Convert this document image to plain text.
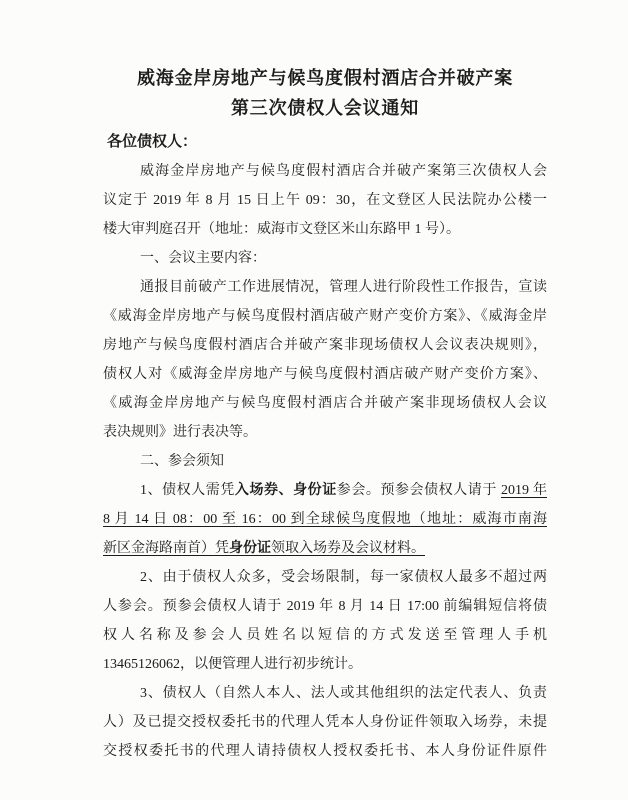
威海金岸房地产与候鸟度假村酒店合并破产案
第三次债权人会议通知
各位债权人：
威海金岸房地产与候鸟度假村酒店合并破产案第三次债权人会
议定于 2019 年 8 月 15 日上午 09：30，在文登区人民法院办公楼一
楼大审判庭召开（地址：威海市文登区米山东路甲 1 号）。
一、会议主要内容：
通报目前破产工作进展情况，管理人进行阶段性工作报告，宣读
《威海金岸房地产与候鸟度假村酒店破产财产变价方案》、《威海金岸
房地产与候鸟度假村酒店合并破产案非现场债权人会议表决规则》，
债权人对《威海金岸房地产与候鸟度假村酒店破产财产变价方案》、
《威海金岸房地产与候鸟度假村酒店合并破产案非现场债权人会议
表决规则》进行表决等。
二、参会须知
1、债权人需凭入场券、身份证参会。预参会债权人请于 2019 年
8 月 14 日 08：00 至 16：00 到全球候鸟度假地（地址：威海市南海
新区金海路南首）凭身份证领取入场券及会议材料。
2、由于债权人众多，受会场限制，每一家债权人最多不超过两
人参会。预参会债权人请于 2019 年 8 月 14 日 17:00 前编辑短信将债
权人名称及参会人员姓名以短信的方式发送至管理人手机
13465126062，以便管理人进行初步统计。
3、债权人（自然人本人、法人或其他组织的法定代表人、负责
人）及已提交授权委托书的代理人凭本人身份证件领取入场券，未提
交授权委托书的代理人请持债权人授权委托书、本人身份证件原件
